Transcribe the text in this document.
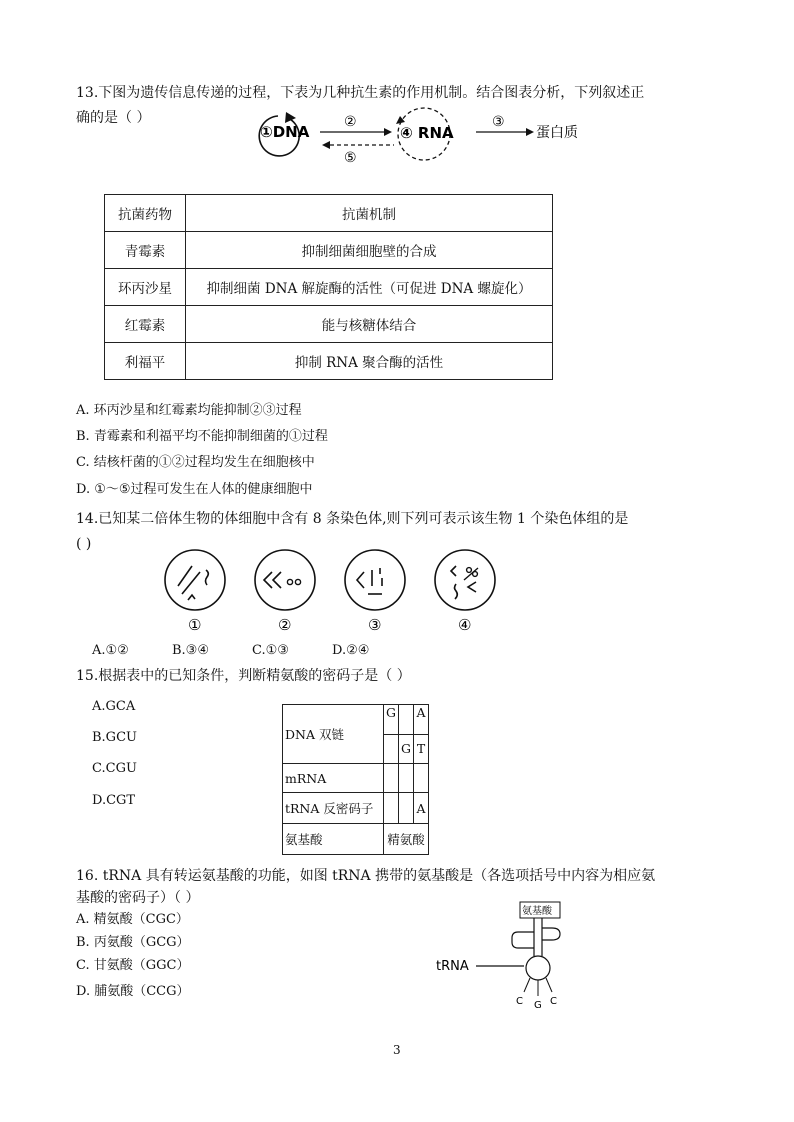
13.下图为遗传信息传递的过程，下表为几种抗生素的作用机制。结合图表分析，下列叙述正
确的是（ ）
①DNA
②
⑤
④ RNA
③
蛋白质
抗菌药物	抗菌机制
青霉素	抑制细菌细胞壁的合成
环丙沙星	抑制细菌 DNA 解旋酶的活性（可促进 DNA 螺旋化）
红霉素	能与核糖体结合
利福平	抑制 RNA 聚合酶的活性
A. 环丙沙星和红霉素均能抑制②③过程
B. 青霉素和利福平均不能抑制细菌的①过程
C. 结核杆菌的①②过程均发生在细胞核中
D. ①～⑤过程可发生在人体的健康细胞中
14.已知某二倍体生物的体细胞中含有 8 条染色体,则下列可表示该生物 1 个染色体组的是
( )
①	②	③	④
A.①②	B.③④	C.①③	D.②④
15.根据表中的已知条件，判断精氨酸的密码子是（ ）
A.GCA
B.GCU
C.CGU
D.CGT
DNA 双链	G		A
		G	T
mRNA			
tRNA 反密码子			A
氨基酸	精氨酸		
16. tRNA 具有转运氨基酸的功能，如图 tRNA 携带的氨基酸是（各选项括号中内容为相应氨
基酸的密码子）（ ）
A. 精氨酸（CGC）
B. 丙氨酸（GCG）
C. 甘氨酸（GGC）
D. 脯氨酸（CCG）
氨基酸
C G C
tRNA
3
